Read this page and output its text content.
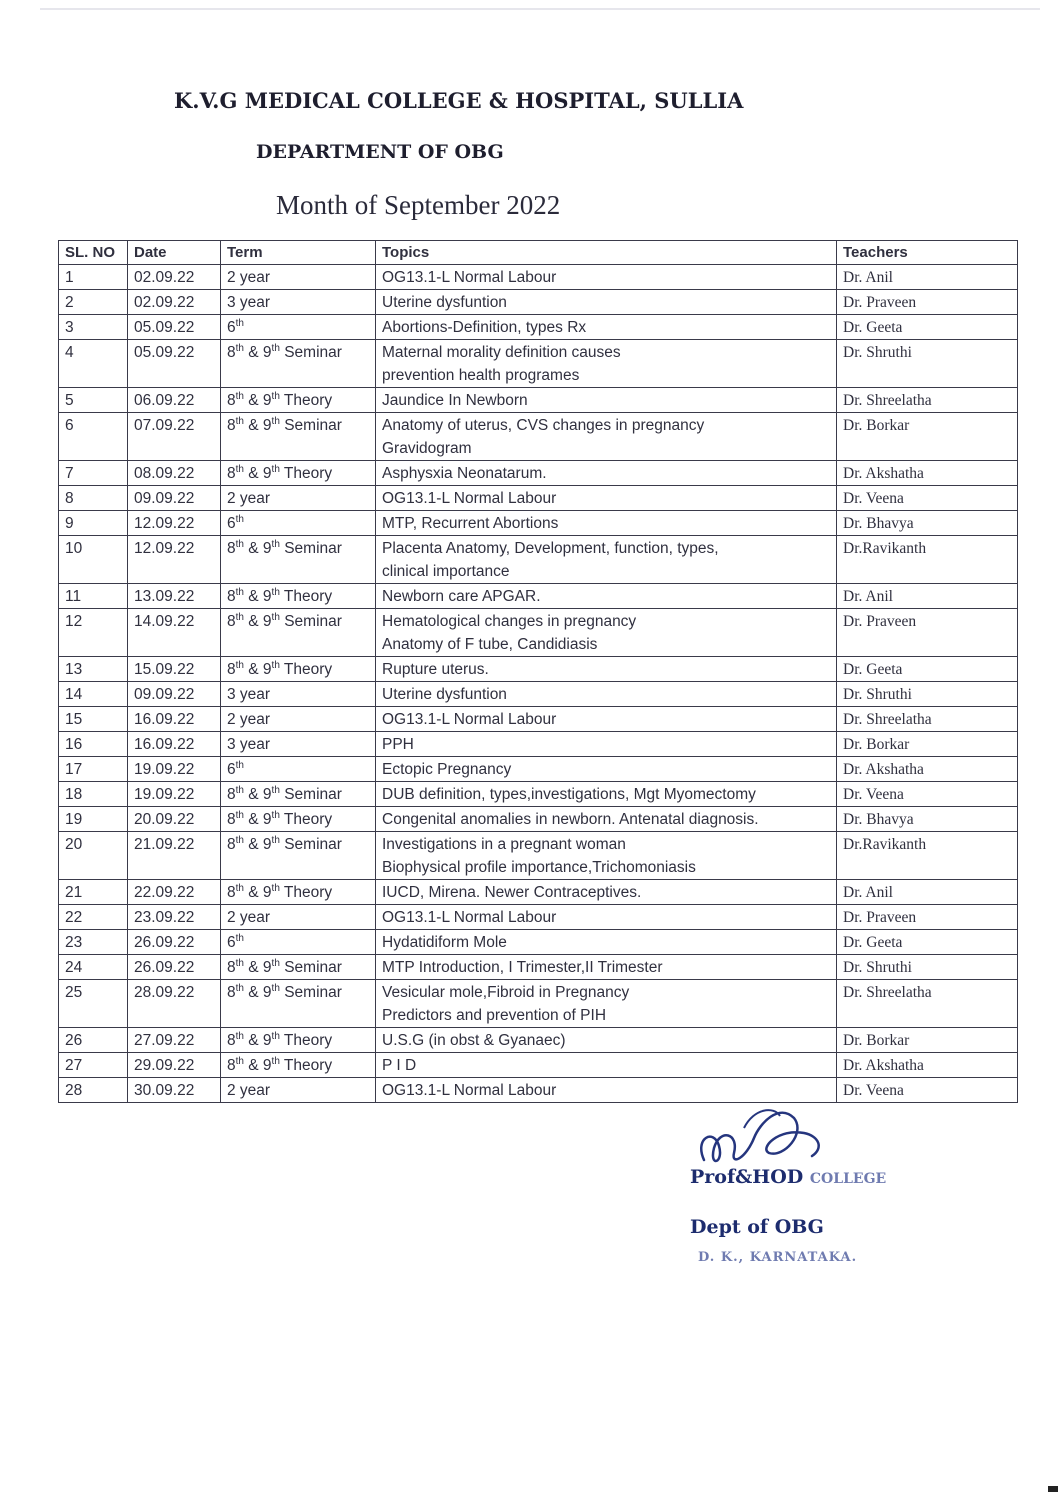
K.V.G MEDICAL COLLEGE & HOSPITAL, SULLIA
DEPARTMENT OF OBG
Month of September 2022
SL. NO	Date	Term	Topics	Teachers
1	02.09.22	2 year	OG13.1-L Normal Labour	Dr. Anil
2	02.09.22	3 year	Uterine dysfuntion	Dr. Praveen
3	05.09.22	6th	Abortions-Definition, types Rx	Dr. Geeta
4	05.09.22	8th & 9th Seminar	Maternal morality definition causes
prevention health programes	Dr. Shruthi
5	06.09.22	8th & 9th Theory	Jaundice In Newborn	Dr. Shreelatha
6	07.09.22	8th & 9th Seminar	Anatomy of uterus, CVS changes in pregnancy
Gravidogram	Dr. Borkar
7	08.09.22	8th & 9th Theory	Asphysxia Neonatarum.	Dr. Akshatha
8	09.09.22	2 year	OG13.1-L Normal Labour	Dr. Veena
9	12.09.22	6th	MTP, Recurrent Abortions	Dr. Bhavya
10	12.09.22	8th & 9th Seminar	Placenta Anatomy, Development, function, types,
clinical importance	Dr.Ravikanth
11	13.09.22	8th & 9th Theory	Newborn care APGAR.	Dr. Anil
12	14.09.22	8th & 9th Seminar	Hematological changes in pregnancy
Anatomy of F tube, Candidiasis	Dr. Praveen
13	15.09.22	8th & 9th Theory	Rupture uterus.	Dr. Geeta
14	09.09.22	3 year	Uterine dysfuntion	Dr. Shruthi
15	16.09.22	2 year	OG13.1-L Normal Labour	Dr. Shreelatha
16	16.09.22	3 year	PPH	Dr. Borkar
17	19.09.22	6th	Ectopic Pregnancy	Dr. Akshatha
18	19.09.22	8th & 9th Seminar	DUB definition, types,investigations, Mgt Myomectomy	Dr. Veena
19	20.09.22	8th & 9th Theory	Congenital anomalies in newborn. Antenatal diagnosis.	Dr. Bhavya
20	21.09.22	8th & 9th Seminar	Investigations in a pregnant woman
Biophysical profile importance,Trichomoniasis	Dr.Ravikanth
21	22.09.22	8th & 9th Theory	IUCD, Mirena. Newer Contraceptives.	Dr. Anil
22	23.09.22	2 year	OG13.1-L Normal Labour	Dr. Praveen
23	26.09.22	6th	Hydatidiform Mole	Dr. Geeta
24	26.09.22	8th & 9th Seminar	MTP Introduction, I Trimester,II Trimester	Dr. Shruthi
25	28.09.22	8th & 9th Seminar	Vesicular mole,Fibroid in Pregnancy
Predictors and prevention of PIH	Dr. Shreelatha
26	27.09.22	8th & 9th Theory	U.S.G (in obst & Gyanaec)	Dr. Borkar
27	29.09.22	8th & 9th Theory	P I D	Dr. Akshatha
28	30.09.22	2 year	OG13.1-L Normal Labour	Dr. Veena
Prof&HOD COLLEGE
Dept of OBG
D. K., KARNATAKA.
